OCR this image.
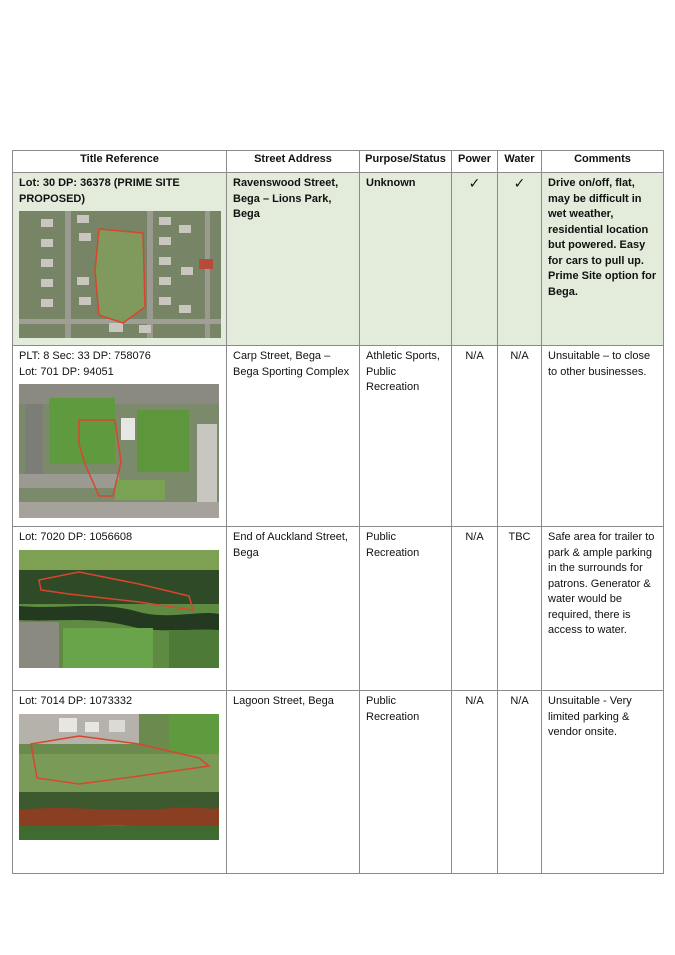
Title Reference	Street Address	Purpose/Status	Power	Water	Comments

Lot: 30 DP: 36378 (PRIME SITE PROPOSED)	Ravenswood Street, Bega – Lions Park, Bega	Unknown	✓	✓	Drive on/off, flat, may be difficult in wet weather, residential location but powered. Easy for cars to pull up. Prime Site option for Bega.

PLT: 8 Sec: 33 DP: 758076
Lot: 701 DP: 94051	Carp Street, Bega – Bega Sporting Complex	Athletic Sports, Public Recreation	N/A	N/A	Unsuitable – to close to other businesses.

Lot: 7020 DP: 1056608	End of Auckland Street, Bega	Public Recreation	N/A	TBC	Safe area for trailer to park & ample parking in the surrounds for patrons. Generator & water would be required, there is access to water.

Lot: 7014 DP: 1073332	Lagoon Street, Bega	Public Recreation	N/A	N/A	Unsuitable - Very limited parking & vendor onsite.
